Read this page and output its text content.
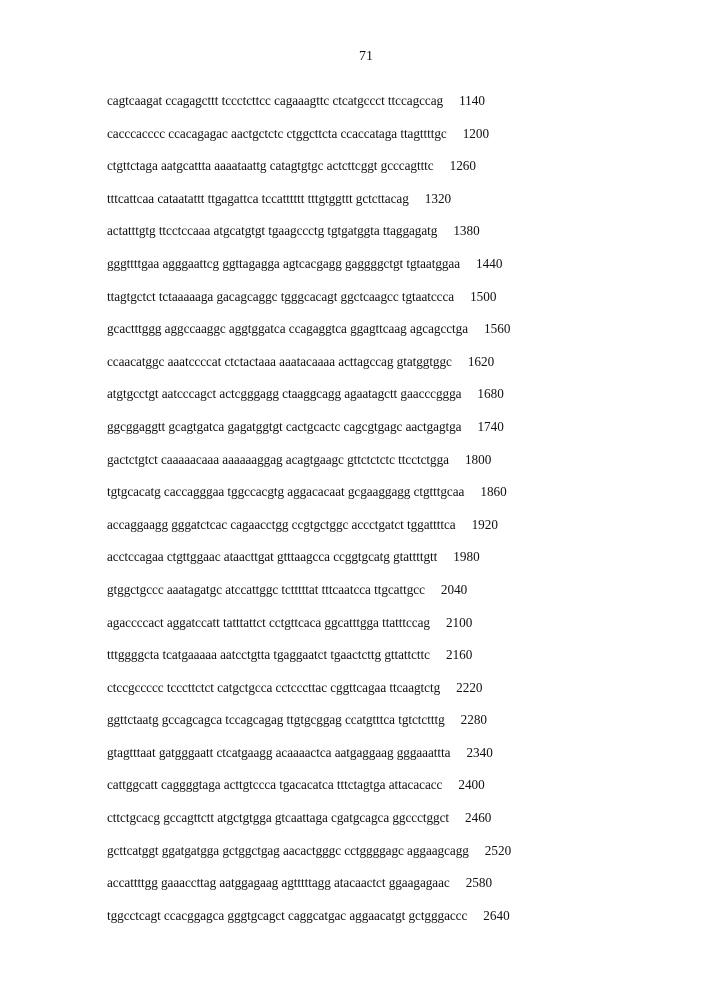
71
cagtcaagat ccagagcttt tccctcttcc cagaaagttc ctcatgccct ttccagccag 1140
cacccacccc ccacagagac aactgctctc ctggcttcta ccaccataga ttagttttgc 1200
ctgttctaga aatgcattta aaaataattg catagtgtgc actcttcggt gcccagtttc 1260
tttcattcaa cataatattt ttgagattca tccatttttt tttgtggttt gctcttacag 1320
actatttgtg ttcctccaaa atgcatgtgt tgaagccctg tgtgatggta ttaggagatg 1380
gggttttgaa agggaattcg ggttagagga agtcacgagg gaggggctgt tgtaatggaa 1440
ttagtgctct tctaaaaaga gacagcaggc tgggcacagt ggctcaagcc tgtaatccca 1500
gcactttggg aggccaaggc aggtggatca ccagaggtca ggagttcaag agcagcctga 1560
ccaacatggc aaatccccat ctctactaaa aaatacaaaa acttagccag gtatggtggc 1620
atgtgcctgt aatcccagct actcgggagg ctaaggcagg agaatagctt gaacccggga 1680
ggcggaggtt gcagtgatca gagatggtgt cactgcactc cagcgtgagc aactgagtga 1740
gactctgtct caaaaacaaa aaaaaaggag acagtgaagc gttctctctc ttcctctgga 1800
tgtgcacatg caccagggaa tggccacgtg aggacacaat gcgaaggagg ctgtttgcaa 1860
accaggaagg gggatctcac cagaacctgg ccgtgctggc accctgatct tggattttca 1920
acctccagaa ctgttggaac ataacttgat gtttaagcca ccggtgcatg gtattttgtt 1980
gtggctgccc aaatagatgc atccattggc tctttttat tttcaatcca ttgcattgcc 2040
agaccccact aggatccatt tatttattct cctgttcaca ggcatttgga ttatttccag 2100
tttggggcta tcatgaaaaa aatcctgtta tgaggaatct tgaactcttg gttattcttc 2160
ctccgccccc tcccttctct catgctgcca cctcccttac cggttcagaa ttcaagtctg 2220
ggttctaatg gccagcagca tccagcagag ttgtgcggag ccatgtttca tgtctctttg 2280
gtagtttaat gatgggaatt ctcatgaagg acaaaactca aatgaggaag gggaaattta 2340
cattggcatt caggggtaga acttgtccca tgacacatca tttctagtga attacacacc 2400
cttctgcacg gccagttctt atgctgtgga gtcaattaga cgatgcagca ggccctggct 2460
gcttcatggt ggatgatgga gctggctgag aacactgggc cctggggagc aggaagcagg 2520
accattttgg gaaaccttag aatggagaag agtttttagg atacaactct ggaagagaac 2580
tggcctcagt ccacggagca gggtgcagct caggcatgac aggaacatgt gctgggaccc 2640
